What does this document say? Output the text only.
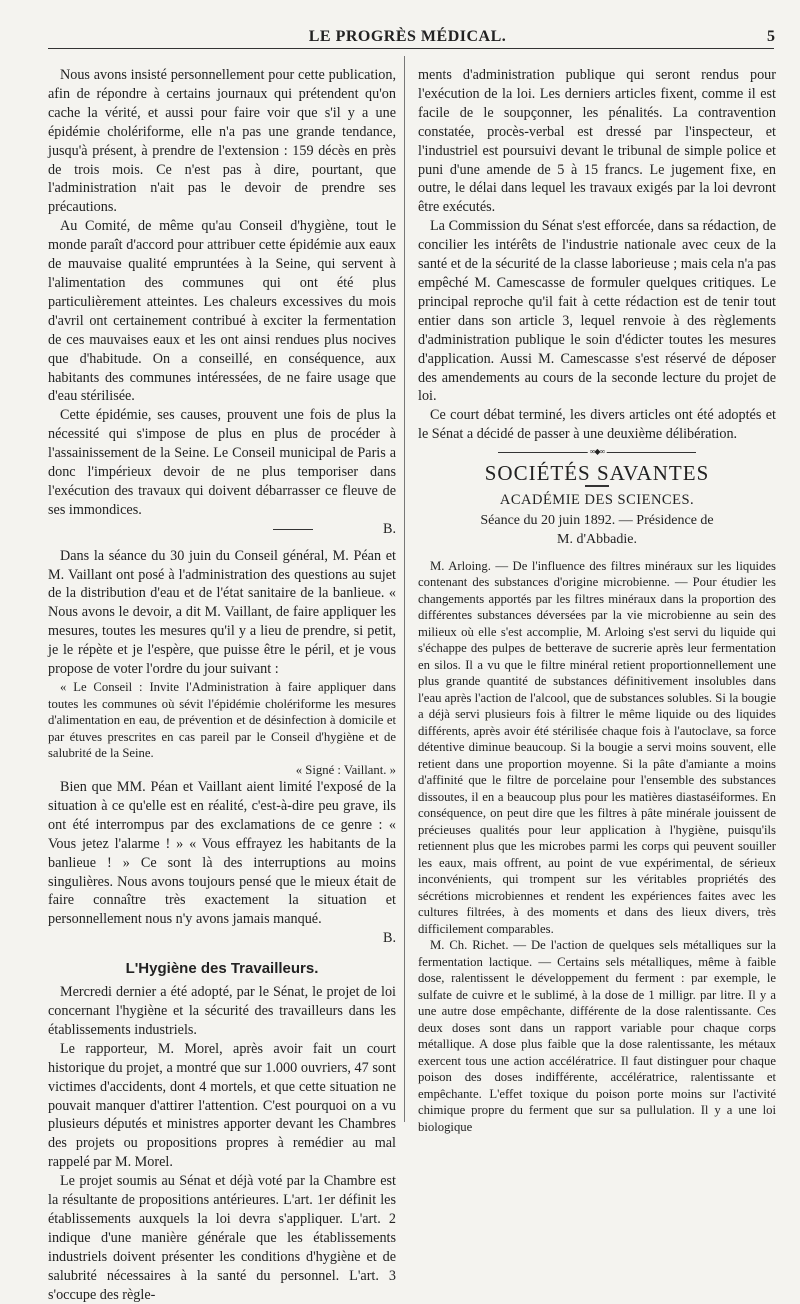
LE PROGRÈS MÉDICAL.	5

Nous avons insisté personnellement pour cette publication, afin de répondre à certains journaux qui prétendent qu'on cache la vérité, et aussi pour faire voir que s'il y a une épidémie cholériforme, elle n'a pas une grande tendance, jusqu'à présent, à prendre de l'extension : 159 décès en près de trois mois. Ce n'est pas à dire, pourtant, que l'administration n'ait pas le devoir de prendre ses précautions.

Au Comité, de même qu'au Conseil d'hygiène, tout le monde paraît d'accord pour attribuer cette épidémie aux eaux de mauvaise qualité empruntées à la Seine, qui servent à l'alimentation des communes qui ont été plus particulièrement atteintes. Les chaleurs excessives du mois d'avril ont certainement contribué à exciter la fermentation de ces mauvaises eaux et les ont ainsi rendues plus nocives que d'habitude. On a conseillé, en conséquence, aux habitants des communes intéressées, de ne faire usage que d'eau stérilisée.

Cette épidémie, ses causes, prouvent une fois de plus la nécessité qui s'impose de plus en plus de procéder à l'assainissement de la Seine. Le Conseil municipal de Paris a donc l'impérieux devoir de ne plus temporiser dans l'exécution des travaux qui doivent débarrasser ce fleuve de ses immondices.

B.

Dans la séance du 30 juin du Conseil général, M. Péan et M. Vaillant ont posé à l'administration des questions au sujet de la distribution d'eau et de l'état sanitaire de la banlieue. « Nous avons le devoir, a dit M. Vaillant, de faire appliquer les mesures, toutes les mesures qu'il y a lieu de prendre, si petit, je le répète et je l'espère, que puisse être le péril, et je vous propose de voter l'ordre du jour suivant :

« Le Conseil : Invite l'Administration à faire appliquer dans toutes les communes où sévit l'épidémie cholériforme les mesures d'alimentation en eau, de prévention et de désinfection à domicile et par étuves prescrites en cas pareil par le Conseil d'hygiène et de salubrité de la Seine.

« Signé : Vaillant. »

Bien que MM. Péan et Vaillant aient limité l'exposé de la situation à ce qu'elle est en réalité, c'est-à-dire peu grave, ils ont été interrompus par des exclamations de ce genre : « Vous jetez l'alarme ! » « Vous effrayez les habitants de la banlieue ! » Ce sont là des interruptions au moins singulières. Nous avons toujours pensé que le mieux était de faire connaître très exactement la situation et personnellement nous n'y avons jamais manqué.

B.
L'Hygiène des Travailleurs.

Mercredi dernier a été adopté, par le Sénat, le projet de loi concernant l'hygiène et la sécurité des travailleurs dans les établissements industriels.

Le rapporteur, M. Morel, après avoir fait un court historique du projet, a montré que sur 1.000 ouvriers, 47 sont victimes d'accidents, dont 4 mortels, et que cette situation ne pouvait manquer d'attirer l'attention. C'est pourquoi on a vu plusieurs députés et ministres apporter devant les Chambres des projets ou propositions propres à remédier au mal rappelé par M. Morel.

Le projet soumis au Sénat et déjà voté par la Chambre est la résultante de propositions antérieures. L'art. 1er définit les établissements auxquels la loi devra s'appliquer. L'art. 2 indique d'une manière générale que les établissements industriels doivent présenter les conditions d'hygiène et de salubrité nécessaires à la santé du personnel. L'art. 3 s'occupe des règle-

ments d'administration publique qui seront rendus pour l'exécution de la loi. Les derniers articles fixent, comme il est facile de le soupçonner, les pénalités. La contravention constatée, procès-verbal est dressé par l'inspecteur, et l'industriel est poursuivi devant le tribunal de simple police et puni d'une amende de 5 à 15 francs. Le jugement fixe, en outre, le délai dans lequel les travaux exigés par la loi devront être exécutés.

La Commission du Sénat s'est efforcée, dans sa rédaction, de concilier les intérêts de l'industrie nationale avec ceux de la santé et de la sécurité de la classe laborieuse ; mais cela n'a pas empêché M. Camescasse de formuler quelques critiques. Le principal reproche qu'il fait à cette rédaction est de tenir tout entier dans son article 3, lequel renvoie à des règlements d'administration publique le soin d'édicter toutes les mesures d'application. Aussi M. Camescasse s'est réservé de déposer des amendements au cours de la seconde lecture du projet de loi.

Ce court débat terminé, les divers articles ont été adoptés et le Sénat a décidé de passer à une deuxième délibération.

∞◆∞
SOCIÉTÉS SAVANTES
ACADÉMIE DES SCIENCES.
Séance du 20 juin 1892. — Présidence de
M. d'Abbadie.

M. Arloing. — De l'influence des filtres minéraux sur les liquides contenant des substances d'origine microbienne. — Pour étudier les changements apportés par les filtres minéraux dans la proportion des différentes substances déversées par la vie microbienne au sein des milieux où elle s'est accomplie, M. Arloing s'est servi du liquide qui s'échappe des pulpes de betterave de sucrerie après leur fermentation en silos. Il a vu que le filtre minéral retient proportionnellement une plus grande quantité de substances définitivement insolubles dans l'eau après l'action de l'alcool, que de substances solubles. Si la bougie a déjà servi plusieurs fois à filtrer le même liquide ou des liquides différents, après avoir été stérilisée chaque fois à l'autoclave, sa force détentive diminue beaucoup. Si la bougie a servi moins souvent, elle retient dans une proportion moyenne. Si la pâte d'amiante a moins d'affinité que le filtre de porcelaine pour l'ensemble des substances dissoutes, il en a beaucoup plus pour les matières diastaséiformes. En conséquence, on peut dire que les filtres à pâte minérale jouissent de précieuses qualités pour leur application à l'hygiène, puisqu'ils retiennent plus que les microbes parmi les corps qui peuvent souiller les eaux, mais offrent, au point de vue expérimental, de sérieux inconvénients, qui trompent sur les véritables propriétés des sécrétions microbiennes et rendent les expériences faites avec les cultures filtrées, à des moments et dans des lieux divers, très difficilement comparables.

M. Ch. Richet. — De l'action de quelques sels métalliques sur la fermentation lactique. — Certains sels métalliques, même à faible dose, ralentissent le développement du ferment : par exemple, le sulfate de cuivre et le sublimé, à la dose de 1 milligr. par litre. Il y a une autre dose empêchante, différente de la dose ralentissante. Ces deux doses sont dans un rapport variable pour chaque corps métallique. A dose plus faible que la dose ralentissante, les métaux exercent tous une action accélératrice. Il faut distinguer pour chaque poison des doses indifférente, accélératrice, ralentissante et empêchante. L'effet toxique du poison porte moins sur l'activité chimique propre du ferment que sur sa pullulation. Il y a une loi biologique
